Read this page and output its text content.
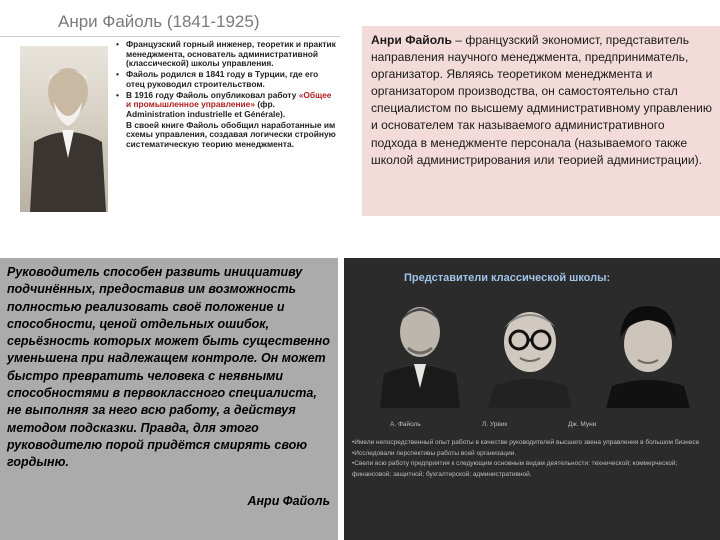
Анри Файоль (1841-1925)

• Французский горный инженер, теоретик и практик менеджмента, основатель административной (классической) школы управления.

• Файоль родился в 1841 году в Турции, где его отец руководил строительством.

• В 1916 году Файоль опубликовал работу «Общее и промышленное управление» (фр. Administration industrielle et Générale).

В своей книге Файоль обобщил наработанные им схемы управления, создавая логически стройную систематическую теорию менеджмента.

Анри Файоль – французский экономист, представитель направления научного менеджмента, предприниматель, организатор. Являясь теоретиком менеджмента и организатором производства, он самостоятельно стал специалистом по высшему административному управлению и основателем так называемого административного подхода в менеджменте персонала (называемого также школой администрирования или теорией администрации).
Руководитель способен развить инициативу подчинённых, предоставив им возможность полностью реализовать своё положение и способности, ценой отдельных ошибок, серьёзность которых может быть существенно уменьшена при надлежащем контроле. Он может быстро превратить человека с неявными способностями в первоклассного специалиста, не выполняя за него всю работу, а действуя методом подсказки. Правда, для этого руководителю порой придётся смирять свою гордыню.
Анри Файоль
Представители классической школы:
А. Файоль	Л. Урвик	Дж. Муни

•Имели непосредственный опыт работы в качестве руководителей высшего звена управления в большом бизнесе

•Исследовали перспективы работы всей организации.

•Свели всю работу предприятия к следующим основным видам деятельности: технической; коммерческой; финансовой; защитной; бухгалтерской; административной.
